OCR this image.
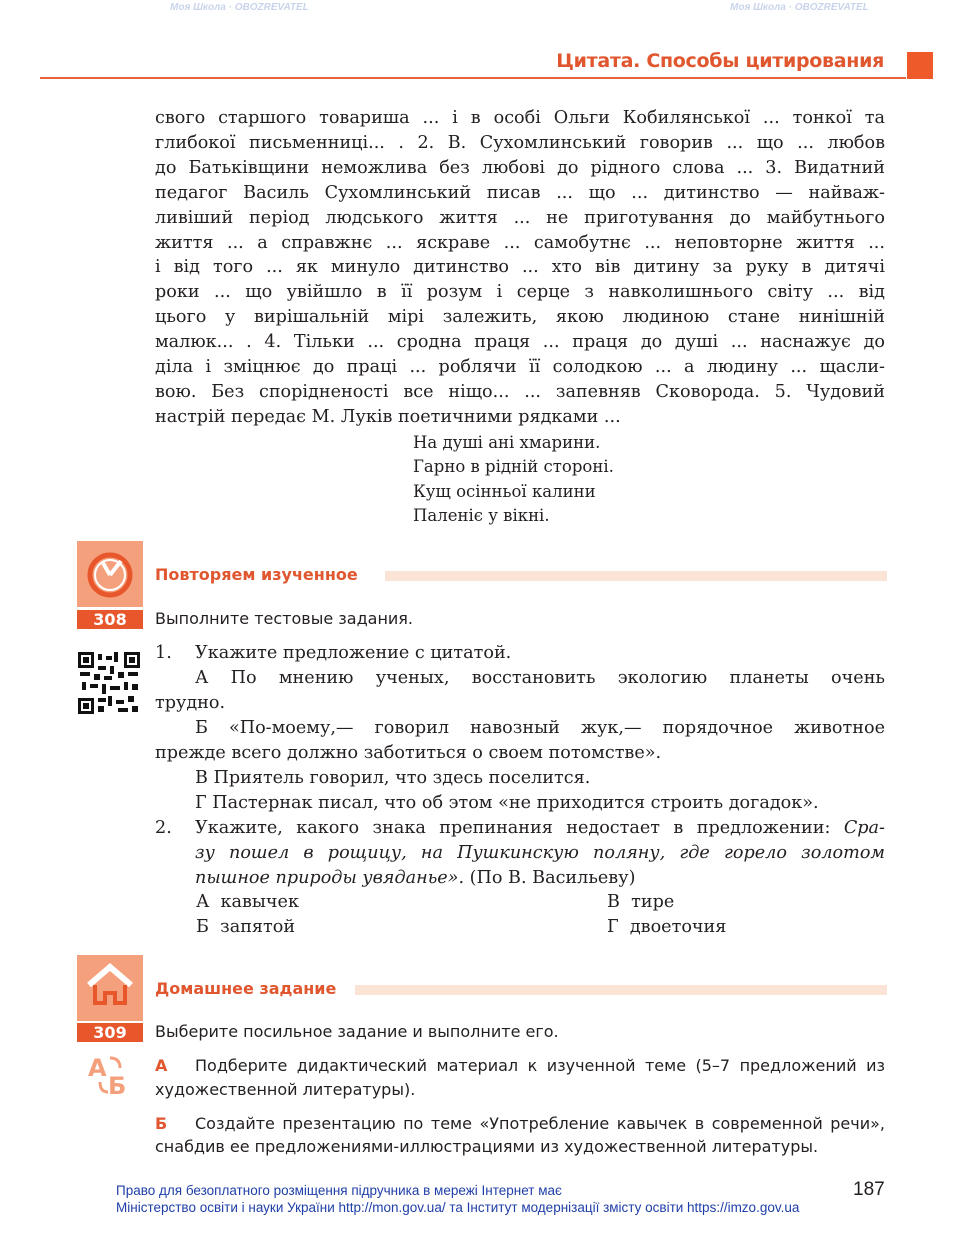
Моя Школа · OBOZREVATEL	Моя Школа · OBOZREVATEL
Цитата. Способы цитирования
свого старшого товариша ... і в особі Ольги Кобилянської ... тонкої та
глибокої письменниці... . 2. В. Сухомлинський говорив ... що ... любов
до Батьківщини неможлива без любові до рідного слова ... 3. Видатний
педагог Василь Сухомлинський писав ... що ... дитинство — найваж-
ливіший період людського життя ... не приготування до майбутнього
життя ... а справжнє ... яскраве ... самобутнє ... неповторне життя ...
і від того ... як минуло дитинство ... хто вів дитину за руку в дитячі
роки ... що увійшло в її розум і серце з навколишнього світу ... від
цього у вирішальній мірі залежить, якою людиною стане нинішній
малюк... . 4. Тільки ... сродна праця ... праця до душі ... наснажує до
діла і зміцнює до праці ... роблячи її солодкою ... а людину ... щасли-
вою. Без спорідненості все ніщо... ... запевняв Сковорода. 5. Чудовий
настрій передає М. Луків поетичними рядками ...
На душі ані хмарини.
Гарно в рідній стороні.
Кущ осінньої калини
Паленіє у вікні.
308
Повторяем изученное
Выполните тестовые задания.
1. Укажите предложение с цитатой.
А По мнению ученых, восстановить экологию планеты очень
трудно.
Б «По-моему,— говорил навозный жук,— порядочное животное
прежде всего должно заботиться о своем потомстве».
В Приятель говорил, что здесь поселится.
Г Пастернак писал, что об этом «не приходится строить догадок».
2. Укажите, какого знака препинания недостает в предложении: Сра-
зу пошел в рощицу, на Пушкинскую поляну, где горело золотом
пышное природы увяданье». (По В. Васильеву)
А кавычек
Б запятой
В тире
Г двоеточия
309
Домашнее задание
Выберите посильное задание и выполните его.
А
Б
А Подберите дидактический материал к изученной теме (5–7 предложений из
художественной литературы).
Б Создайте презентацию по теме «Употребление кавычек в современной речи»,
снабдив ее предложениями-иллюстрациями из художественной литературы.
187
Право для безоплатного розміщення підручника в мережі Інтернет має
Міністерство освіти і науки України http://mon.gov.ua/ та Інститут модернізації змісту освіти https://imzo.gov.ua
